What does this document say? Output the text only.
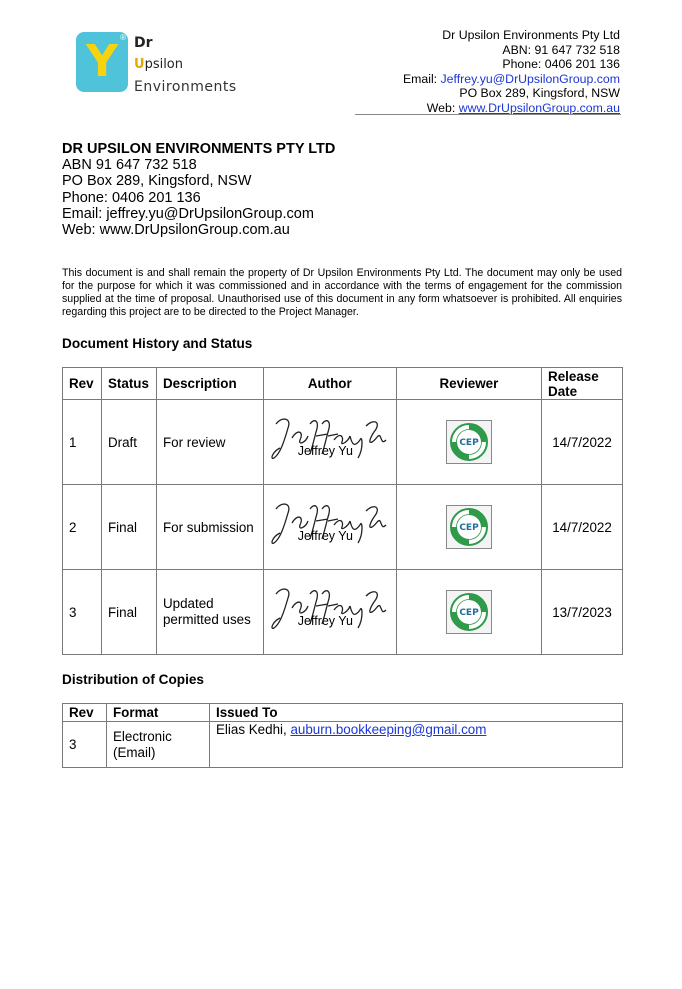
Y ® Dr
Upsilon
Environments
Dr Upsilon Environments Pty Ltd
ABN: 91 647 732 518
Phone: 0406 201 136
Email: Jeffrey.yu@DrUpsilonGroup.com
PO Box 289, Kingsford, NSW
Web: www.DrUpsilonGroup.com.au
DR UPSILON ENVIRONMENTS PTY LTD
ABN 91 647 732 518
PO Box 289, Kingsford, NSW
Phone: 0406 201 136
Email: jeffrey.yu@DrUpsilonGroup.com
Web: www.DrUpsilonGroup.com.au
This document is and shall remain the property of Dr Upsilon Environments Pty Ltd. The document may only be used for the purpose for which it was commissioned and in accordance with the terms of engagement for the commission supplied at the time of proposal. Unauthorised use of this document in any form whatsoever is prohibited. All enquiries regarding this project are to be directed to the Project Manager.
Document History and Status
Rev	Status	Description	Author	Reviewer	Release Date
1	Draft	For review	Jeffrey Yu	CEP	14/7/2022
2	Final	For submission	Jeffrey Yu	CEP	14/7/2022
3	Final	Updated permitted uses	Jeffrey Yu	CEP	13/7/2023
Distribution of Copies
Rev	Format	Issued To
3	Electronic (Email)	Elias Kedhi, auburn.bookkeeping@gmail.com
